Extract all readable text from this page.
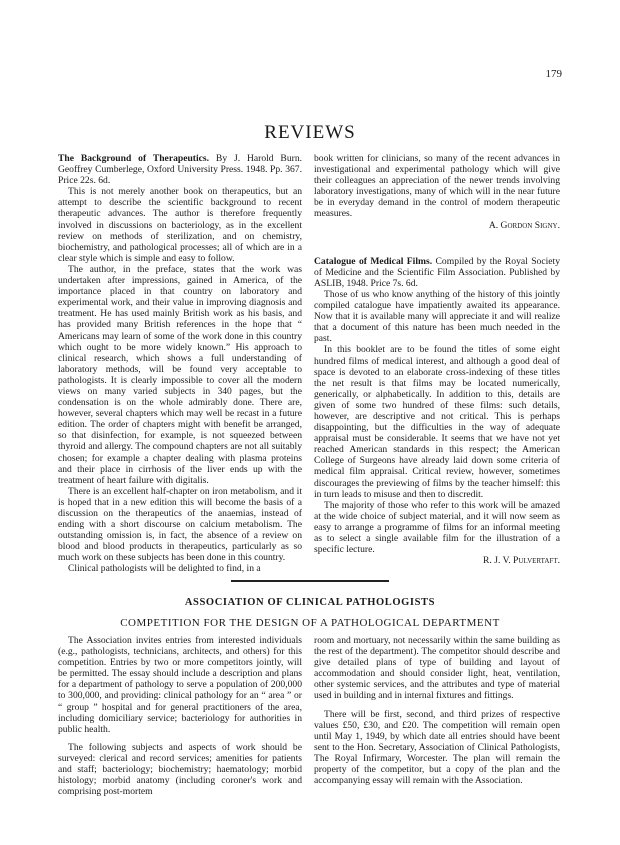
179
REVIEWS

The Background of Therapeutics. By J. Harold Burn. Geoffrey Cumberlege, Oxford University Press. 1948. Pp. 367. Price 22s. 6d.

This is not merely another book on therapeutics, but an attempt to describe the scientific background to recent therapeutic advances. The author is therefore frequently involved in discussions on bacteriology, as in the excellent review on methods of sterilization, and on chemistry, biochemistry, and pathological processes; all of which are in a clear style which is simple and easy to follow.

The author, in the preface, states that the work was undertaken after impressions, gained in America, of the importance placed in that country on laboratory and experimental work, and their value in improving diagnosis and treatment. He has used mainly British work as his basis, and has provided many British references in the hope that “ Americans may learn of some of the work done in this country which ought to be more widely known.” His approach to clinical research, which shows a full understanding of laboratory methods, will be found very acceptable to pathologists. It is clearly impossible to cover all the modern views on many varied subjects in 340 pages, but the condensation is on the whole admirably done. There are, however, several chapters which may well be recast in a future edition. The order of chapters might with benefit be arranged, so that disinfection, for example, is not squeezed between thyroid and allergy. The compound chapters are not all suitably chosen; for example a chapter dealing with plasma proteins and their place in cirrhosis of the liver ends up with the treatment of heart failure with digitalis.

There is an excellent half-chapter on iron metabolism, and it is hoped that in a new edition this will become the basis of a discussion on the therapeutics of the anaemias, instead of ending with a short discourse on calcium metabolism. The outstanding omission is, in fact, the absence of a review on blood and blood products in therapeutics, particularly as so much work on these subjects has been done in this country.

Clinical pathologists will be delighted to find, in a

book written for clinicians, so many of the recent advances in investigational and experimental pathology which will give their colleagues an appreciation of the newer trends involving laboratory investigations, many of which will in the near future be in everyday demand in the control of modern therapeutic measures.

A. Gordon Signy.

Catalogue of Medical Films. Compiled by the Royal Society of Medicine and the Scientific Film Association. Published by ASLIB, 1948. Price 7s. 6d.

Those of us who know anything of the history of this jointly compiled catalogue have impatiently awaited its appearance. Now that it is available many will appreciate it and will realize that a document of this nature has been much needed in the past.

In this booklet are to be found the titles of some eight hundred films of medical interest, and although a good deal of space is devoted to an elaborate cross-indexing of these titles the net result is that films may be located numerically, generically, or alphabetically. In addition to this, details are given of some two hundred of these films: such details, however, are descriptive and not critical. This is perhaps disappointing, but the difficulties in the way of adequate appraisal must be considerable. It seems that we have not yet reached American standards in this respect; the American College of Surgeons have already laid down some criteria of medical film appraisal. Critical review, however, sometimes discourages the previewing of films by the teacher himself: this in turn leads to misuse and then to discredit.

The majority of those who refer to this work will be amazed at the wide choice of subject material, and it will now seem as easy to arrange a programme of films for an informal meeting as to select a single available film for the illustration of a specific lecture.

R. J. V. Pulvertaft.

ASSOCIATION OF CLINICAL PATHOLOGISTS
COMPETITION FOR THE DESIGN OF A PATHOLOGICAL DEPARTMENT

The Association invites entries from interested individuals (e.g., pathologists, technicians, architects, and others) for this competition. Entries by two or more competitors jointly, will be permitted. The essay should include a description and plans for a department of pathology to serve a population of 200,000 to 300,000, and providing: clinical pathology for an “ area ” or “ group ” hospital and for general practitioners of the area, including domiciliary service; bacteriology for authorities in public health.

The following subjects and aspects of work should be surveyed: clerical and record services; amenities for patients and staff; bacteriology; biochemistry; haematology; morbid histology; morbid anatomy (including coroner's work and comprising post-mortem

room and mortuary, not necessarily within the same building as the rest of the department). The competitor should describe and give detailed plans of type of building and layout of accommodation and should consider light, heat, ventilation, other systemic services, and the attributes and type of material used in building and in internal fixtures and fittings.

There will be first, second, and third prizes of respective values £50, £30, and £20. The competition will remain open until May 1, 1949, by which date all entries should have beent sent to the Hon. Secretary, Association of Clinical Pathologists, The Royal Infirmary, Worcester. The plan will remain the property of the competitor, but a copy of the plan and the accompanying essay will remain with the Association.
